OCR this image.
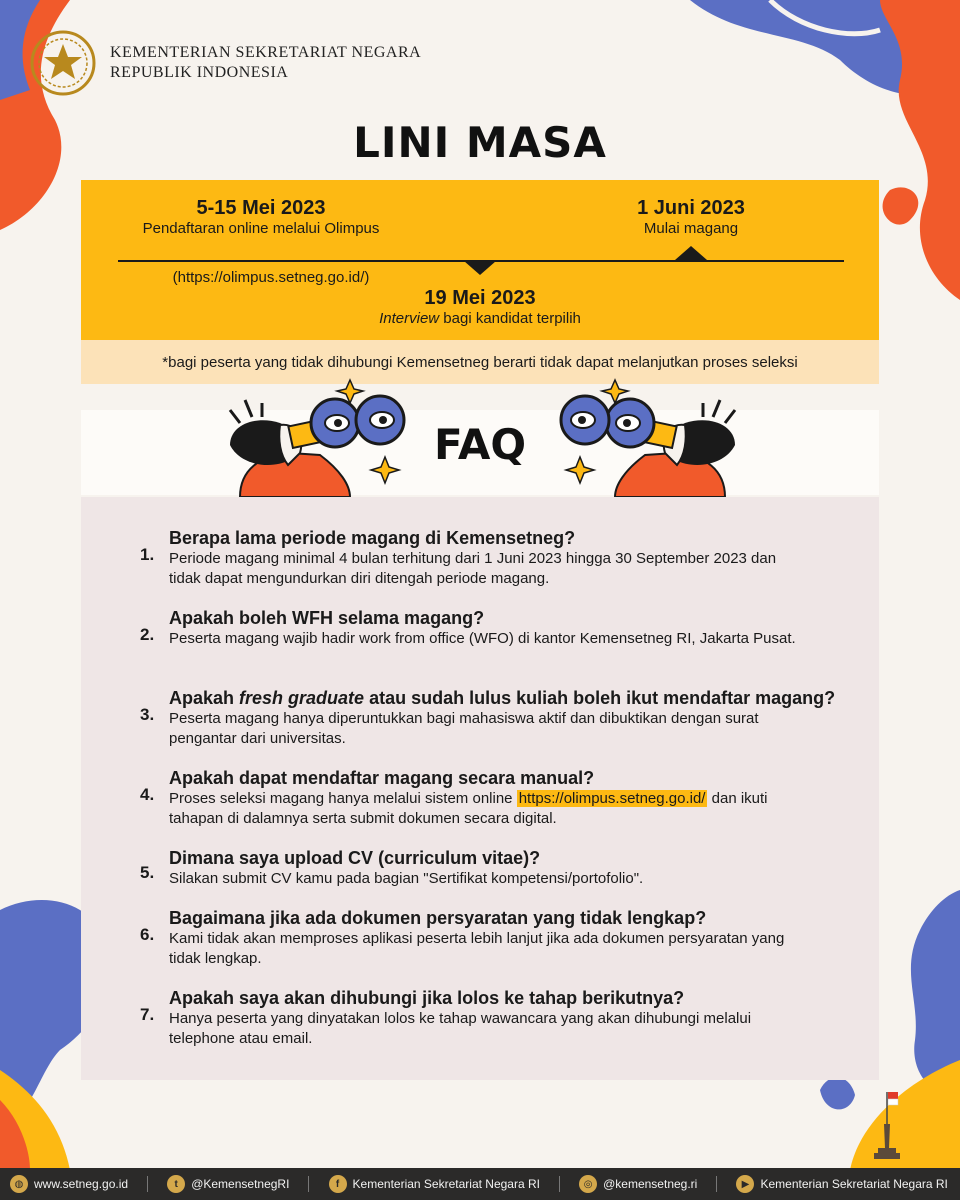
KEMENTERIAN SEKRETARIAT NEGARA
REPUBLIK INDONESIA
LINI MASA
5-15 Mei 2023
Pendaftaran online melalui Olimpus
(https://olimpus.setneg.go.id/)
19 Mei 2023
Interview bagi kandidat terpilih
1 Juni 2023
Mulai magang
*bagi peserta yang tidak dihubungi Kemensetneg berarti tidak dapat melanjutkan proses seleksi
FAQ
1.
Berapa lama periode magang di Kemensetneg?
Periode magang minimal 4 bulan terhitung dari 1 Juni 2023 hingga 30 September 2023 dan tidak dapat mengundurkan diri ditengah periode magang.
2.
Apakah boleh WFH selama magang?
Peserta magang wajib hadir work from office (WFO) di kantor Kemensetneg RI, Jakarta Pusat.
3.
Apakah fresh graduate atau sudah lulus kuliah boleh ikut mendaftar magang?
Peserta magang hanya diperuntukkan bagi mahasiswa aktif dan dibuktikan dengan surat pengantar dari universitas.
4.
Apakah dapat mendaftar magang secara manual?
Proses seleksi magang hanya melalui sistem online https://olimpus.setneg.go.id/ dan ikuti tahapan di dalamnya serta submit dokumen secara digital.
5.
Dimana saya upload CV (curriculum vitae)?
Silakan submit CV kamu pada bagian "Sertifikat kompetensi/portofolio".
6.
Bagaimana jika ada dokumen persyaratan yang tidak lengkap?
Kami tidak akan memproses aplikasi peserta lebih lanjut jika ada dokumen persyaratan yang tidak lengkap.
7.
Apakah saya akan dihubungi jika lolos ke tahap berikutnya?
Hanya peserta yang dinyatakan lolos ke tahap wawancara yang akan dihubungi melalui telephone atau email.
◍ www.setneg.go.id	t	@KemensetnegRI	f	Kementerian Sekretariat Negara RI	◎ @kemensetneg.ri	▶ Kementerian Sekretariat Negara RI
